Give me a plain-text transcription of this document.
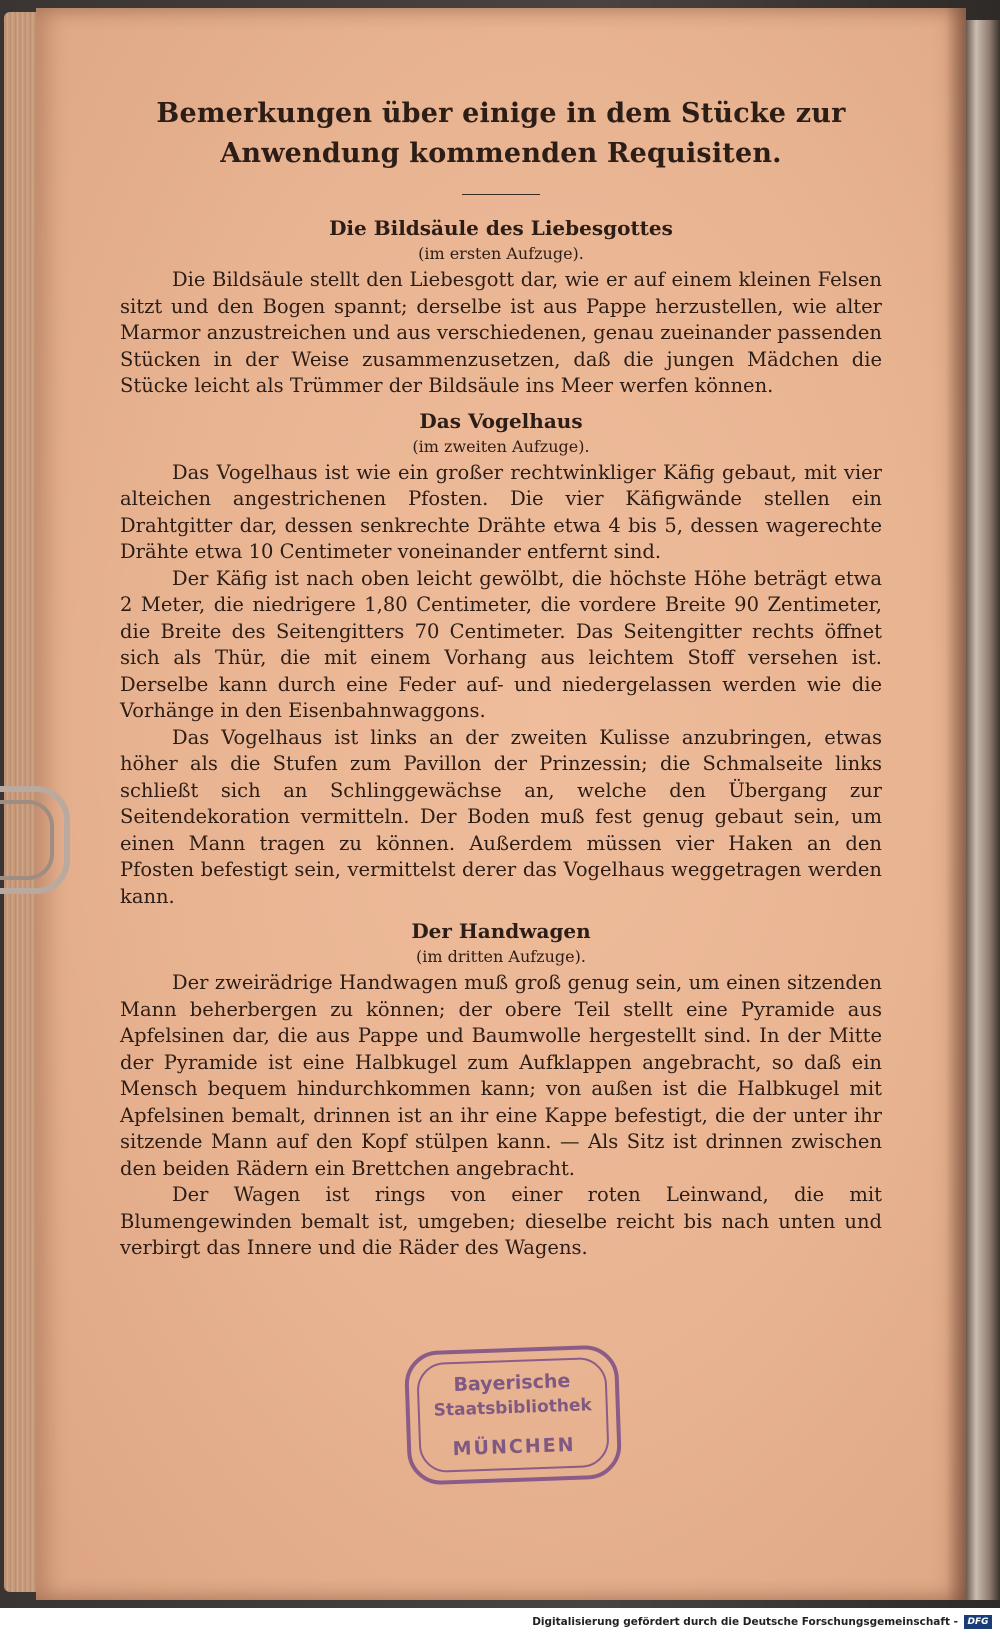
Bemerkungen über einige in dem Stücke zur Anwendung kommenden Requisiten.
Die Bildsäule des Liebesgottes

(im ersten Aufzuge).

Die Bildsäule stellt den Liebesgott dar, wie er auf einem kleinen Felsen sitzt und den Bogen spannt; derselbe ist aus Pappe herzustellen, wie alter Marmor anzustreichen und aus verschiedenen, genau zueinander passenden Stücken in der Weise zusammenzusetzen, daß die jungen Mädchen die Stücke leicht als Trümmer der Bildsäule ins Meer werfen können.

Das Vogelhaus

(im zweiten Aufzuge).

Das Vogelhaus ist wie ein großer rechtwinkliger Käfig gebaut, mit vier alteichen angestrichenen Pfosten. Die vier Käfigwände stellen ein Drahtgitter dar, dessen senkrechte Drähte etwa 4 bis 5, dessen wagerechte Drähte etwa 10 Centimeter voneinander entfernt sind.

Der Käfig ist nach oben leicht gewölbt, die höchste Höhe beträgt etwa 2 Meter, die niedrigere 1,80 Centimeter, die vordere Breite 90 Zentimeter, die Breite des Seitengitters 70 Centimeter. Das Seitengitter rechts öffnet sich als Thür, die mit einem Vorhang aus leichtem Stoff versehen ist. Derselbe kann durch eine Feder auf- und niedergelassen werden wie die Vorhänge in den Eisenbahnwaggons.

Das Vogelhaus ist links an der zweiten Kulisse anzubringen, etwas höher als die Stufen zum Pavillon der Prinzessin; die Schmalseite links schließt sich an Schlinggewächse an, welche den Übergang zur Seitendekoration vermitteln. Der Boden muß fest genug gebaut sein, um einen Mann tragen zu können. Außerdem müssen vier Haken an den Pfosten befestigt sein, vermittelst derer das Vogelhaus weggetragen werden kann.

Der Handwagen

(im dritten Aufzuge).

Der zweirädrige Handwagen muß groß genug sein, um einen sitzenden Mann beherbergen zu können; der obere Teil stellt eine Pyramide aus Apfelsinen dar, die aus Pappe und Baumwolle hergestellt sind. In der Mitte der Pyramide ist eine Halbkugel zum Aufklappen angebracht, so daß ein Mensch bequem hindurchkommen kann; von außen ist die Halbkugel mit Apfelsinen bemalt, drinnen ist an ihr eine Kappe befestigt, die der unter ihr sitzende Mann auf den Kopf stülpen kann. — Als Sitz ist drinnen zwischen den beiden Rädern ein Brettchen angebracht.

Der Wagen ist rings von einer roten Leinwand, die mit Blumengewinden bemalt ist, umgeben; dieselbe reicht bis nach unten und verbirgt das Innere und die Räder des Wagens.

Bayerische
Staatsbibliothek
MÜNCHEN
Digitalisierung gefördert durch die Deutsche Forschungsgemeinschaft -	DFG
